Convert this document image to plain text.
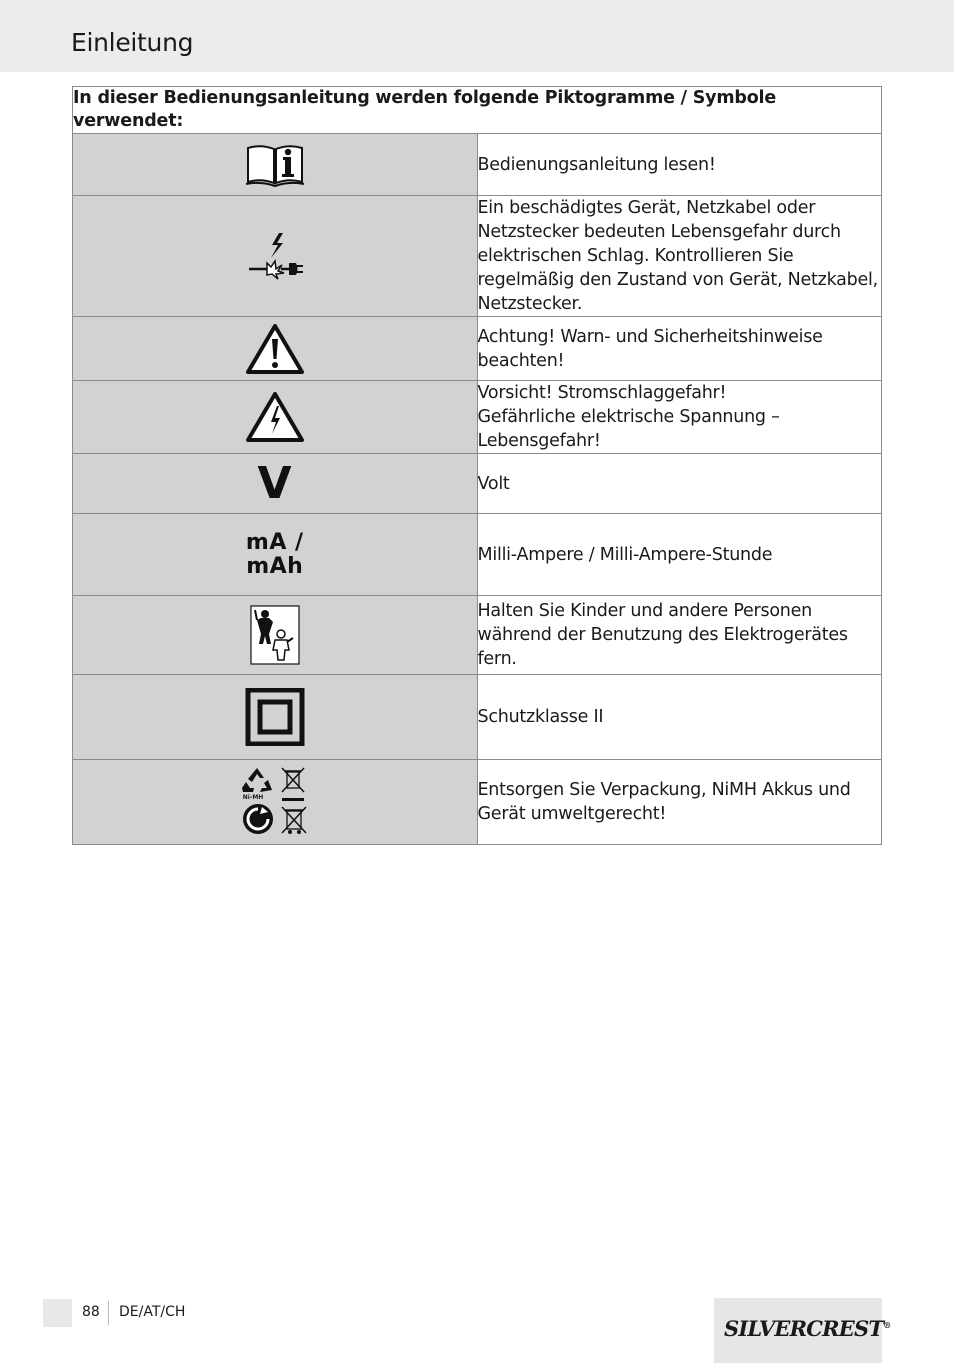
Einleitung
In dieser Bedienungsanleitung werden folgende Piktogramme / Symbole verwendet:	

Bedienungsanleitung lesen!

Ein beschädigtes Gerät, Netzkabel oder Netzstecker bedeuten Lebensgefahr durch elektrischen Schlag. Kontrollieren Sie regelmäßig den Zustand von Gerät, Netzkabel, Netzstecker.

Achtung! Warn- und Sicherheitshinweise beachten!

Vorsicht! Stromschlaggefahr!
Gefährliche elektrische Spannung – Lebensgefahr!

V	Volt

mA /
mAh	Milli-Ampere / Milli-Ampere-Stunde

Halten Sie Kinder und andere Personen während der Benutzung des Elektrogerätes fern.

Schutzklasse II

Ni-MH	Entsorgen Sie Verpackung, NiMH Akkus und Gerät umweltgerecht!
88 DE/AT/CH
SILVERCREST®
